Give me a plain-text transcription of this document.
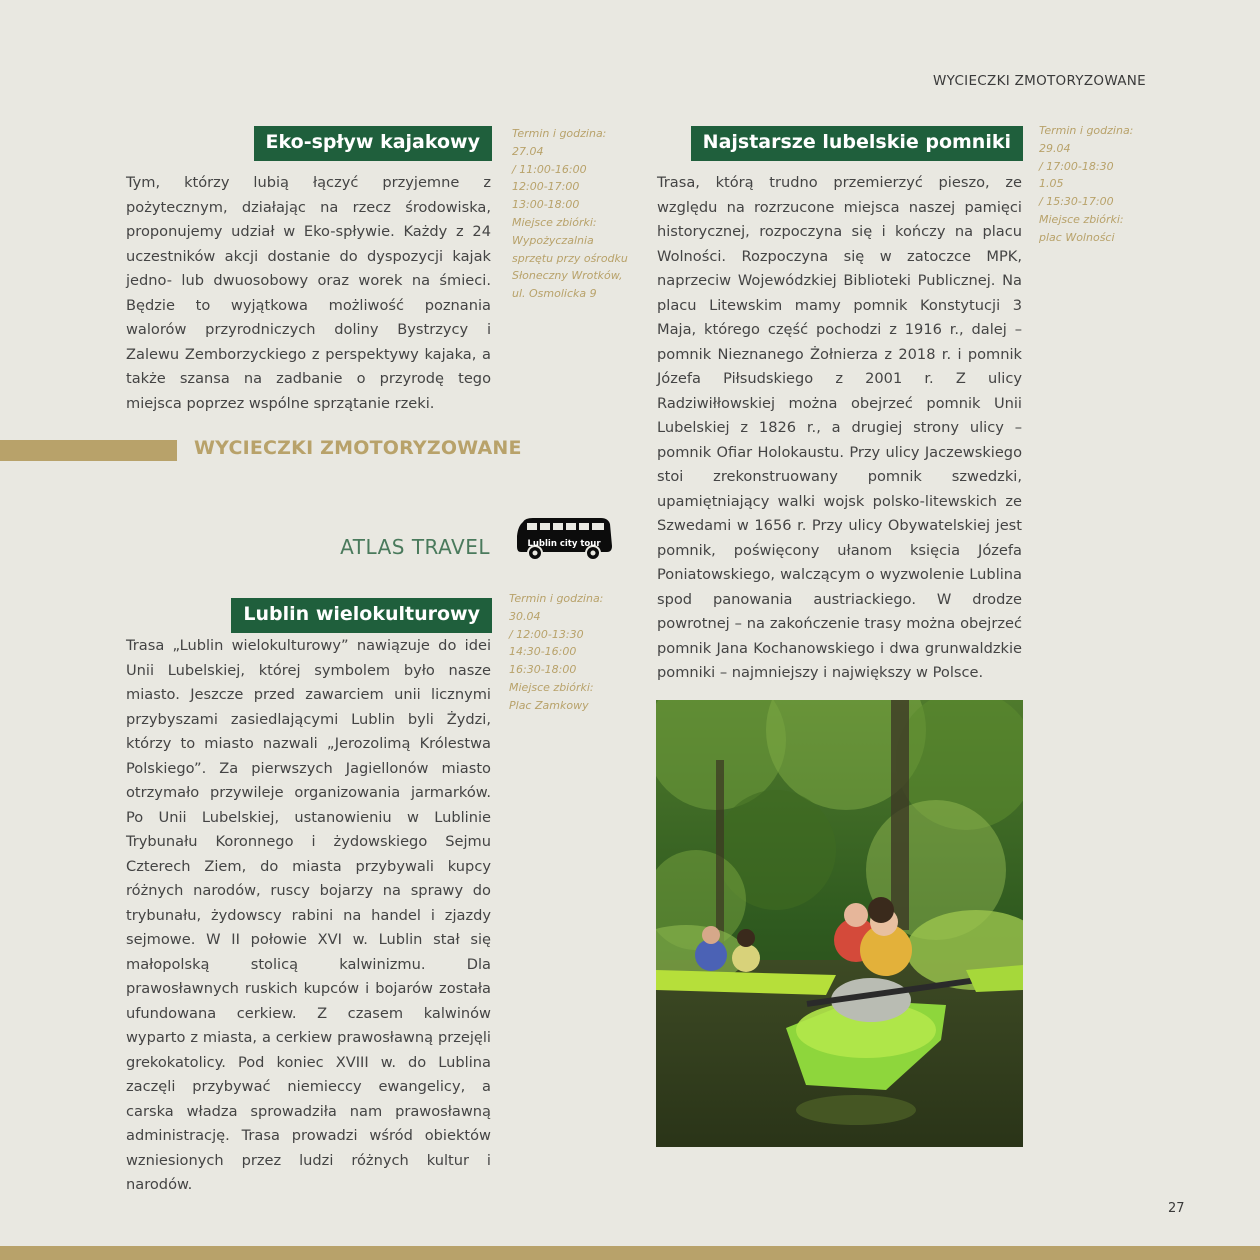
WYCIECZKI ZMOTORYZOWANE
Eko-spływ kajakowy

Tym, którzy lubią łączyć przyjemne z pożytecznym, działając na rzecz środowiska, proponujemy udział w Eko-spływie. Każdy z 24 uczestników akcji dostanie do dyspozycji kajak jedno- lub dwuosobowy oraz worek na śmieci. Będzie to wyjątkowa możliwość poznania walorów przyrodniczych doliny Bystrzycy i Zalewu Zemborzyckiego z perspektywy kajaka, a także szansa na zadbanie o przyrodę tego miejsca poprzez wspólne sprzątanie rzeki.

Termin i godzina:
27.04
/ 11:00-16:00
12:00-17:00
13:00-18:00
Miejsce zbiórki:
Wypożyczalnia
sprzętu przy ośrodku
Słoneczny Wrotków,
ul. Osmolicka 9
WYCIECZKI ZMOTORYZOWANE
ATLAS TRAVEL	Lublin city tour
Lublin wielokulturowy

Trasa „Lublin wielokulturowy” nawiązuje do idei Unii Lubelskiej, której symbolem było nasze miasto. Jeszcze przed zawarciem unii licznymi przybyszami zasiedlającymi Lublin byli Żydzi, którzy to miasto nazwali „Jerozolimą Królestwa Polskiego”. Za pierwszych Jagiellonów miasto otrzymało przywileje organizowania jarmarków. Po Unii Lubelskiej, ustanowieniu w Lublinie Trybunału Koronnego i żydowskiego Sejmu Czterech Ziem, do miasta przybywali kupcy różnych narodów, ruscy bojarzy na sprawy do trybunału, żydowscy rabini na handel i zjazdy sejmowe. W II połowie XVI w. Lublin stał się małopolską stolicą kalwinizmu. Dla prawosławnych ruskich kupców i bojarów została ufundowana cerkiew. Z czasem kalwinów wyparto z miasta, a cerkiew prawosławną przejęli grekokatolicy. Pod koniec XVIII w. do Lublina zaczęli przybywać niemieccy ewangelicy, a carska władza sprowadziła nam prawosławną administrację. Trasa prowadzi wśród obiektów wzniesionych przez ludzi różnych kultur i narodów.

Termin i godzina:
30.04
/ 12:00-13:30
14:30-16:00
16:30-18:00
Miejsce zbiórki:
Plac Zamkowy
Najstarsze lubelskie pomniki

Trasa, którą trudno przemierzyć pieszo, ze względu na rozrzucone miejsca naszej pamięci historycznej, rozpoczyna się i kończy na placu Wolności. Rozpoczyna się w zatoczce MPK, naprzeciw Wojewódzkiej Biblioteki Publicznej. Na placu Litewskim mamy pomnik Konstytucji 3 Maja, którego część pochodzi z 1916 r., dalej – pomnik Nieznanego Żołnierza z 2018 r. i pomnik Józefa Piłsudskiego z 2001 r. Z ulicy Radziwiłłowskiej można obejrzeć pomnik Unii Lubelskiej z 1826 r., a drugiej strony ulicy – pomnik Ofiar Holokaustu. Przy ulicy Jaczewskiego stoi zrekonstruowany pomnik szwedzki, upamiętniający walki wojsk polsko-litewskich ze Szwedami w 1656 r. Przy ulicy Obywatelskiej jest pomnik, poświęcony ułanom księcia Józefa Poniatowskiego, walczącym o wyzwolenie Lublina spod panowania austriackiego. W drodze powrotnej – na zakończenie trasy można obejrzeć pomnik Jana Kochanowskiego i dwa grunwaldzkie pomniki – najmniejszy i największy w Polsce.

Termin i godzina:
29.04
/ 17:00-18:30
1.05
/ 15:30-17:00
Miejsce zbiórki:
plac Wolności
27
